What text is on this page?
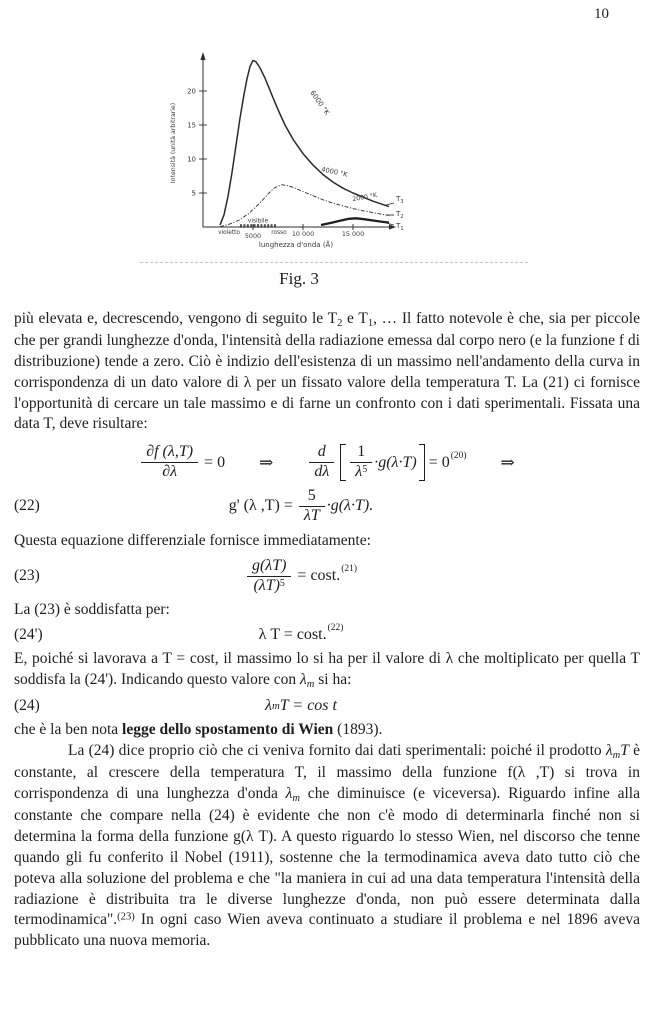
10
20
15
10
5
5000	10 000	15 000
visibile
violetto	rosso
lunghezza d'onda (Å)
Intensità (unità arbitrarie)	6000 °K
4000 °K
2000 °K	$T_3$
$T_2$
$T_1$
Fig. 3

più elevata e, decrescendo, vengono di seguito le $T_2$ e $T_1$, … Il fatto notevole è che, sia per piccole che per grandi lunghezze d'onda, l'intensità della radiazione emessa dal corpo nero (e la funzione f di distribuzione) tende a zero. Ciò è indizio dell'esistenza di un massimo nell'andamento della curva in corrispondenza di un dato valore di λ per un fissato valore della temperatura T. La (21) ci fornisce l'opportunità di cercare un tale massimo e di farne un confronto con i dati sperimentali. Fissata una data T, deve risultare:

$\frac{\partial f (\lambda,T)}{\partial\lambda} = 0$ ⇒ $\frac{d}{d\lambda} \frac{1}{\lambda^5} \cdot g(\lambda\cdot T) = 0$ (20) ⇒
(22)	g' (λ $,T) = \frac{5}{\lambda T} \cdot g(\lambda\cdot T)$.

Questa equazione differenziale fornisce immediatamente:

(23)	$\frac{g(\lambda T)}{(\lambda T)^5} = \cos t$. (21)

La (23) è soddisfatta per:

(24')	λ T = cost. (22)

E, poiché si lavorava a T = cost, il massimo lo si ha per il valore di λ che moltiplicato per quella T soddisfa la (24'). Indicando questo valore con $\lambda_m$ si ha:

(24)	λ m T = cos
t

che è la ben nota legge dello spostamento di Wien (1893).

La (24) dice proprio ciò che ci veniva fornito dai dati sperimentali: poiché il prodotto $\lambda_mT$ è constante, al crescere della temperatura T, il massimo della funzione f(λ ,T) si trova in corrispondenza di una lunghezza d'onda $\lambda_m$ che diminuisce (e viceversa). Riguardo infine alla constante che compare nella (24) è evidente che non c'è modo di determinarla finché non si determina la forma della funzione g(λ T). A questo riguardo lo stesso Wien, nel discorso che tenne quando gli fu conferito il Nobel (1911), sostenne che la termodinamica aveva dato tutto ciò che poteva alla soluzione del problema e che "la maniera in cui ad una data temperatura l'intensità della radiazione è distribuita tra le diverse lunghezze d'onda, non può essere determinata dalla termodinamica".$^{(23)}$ In ogni caso Wien aveva continuato a studiare il problema e nel 1896 aveva pubblicato una nuova memoria.
